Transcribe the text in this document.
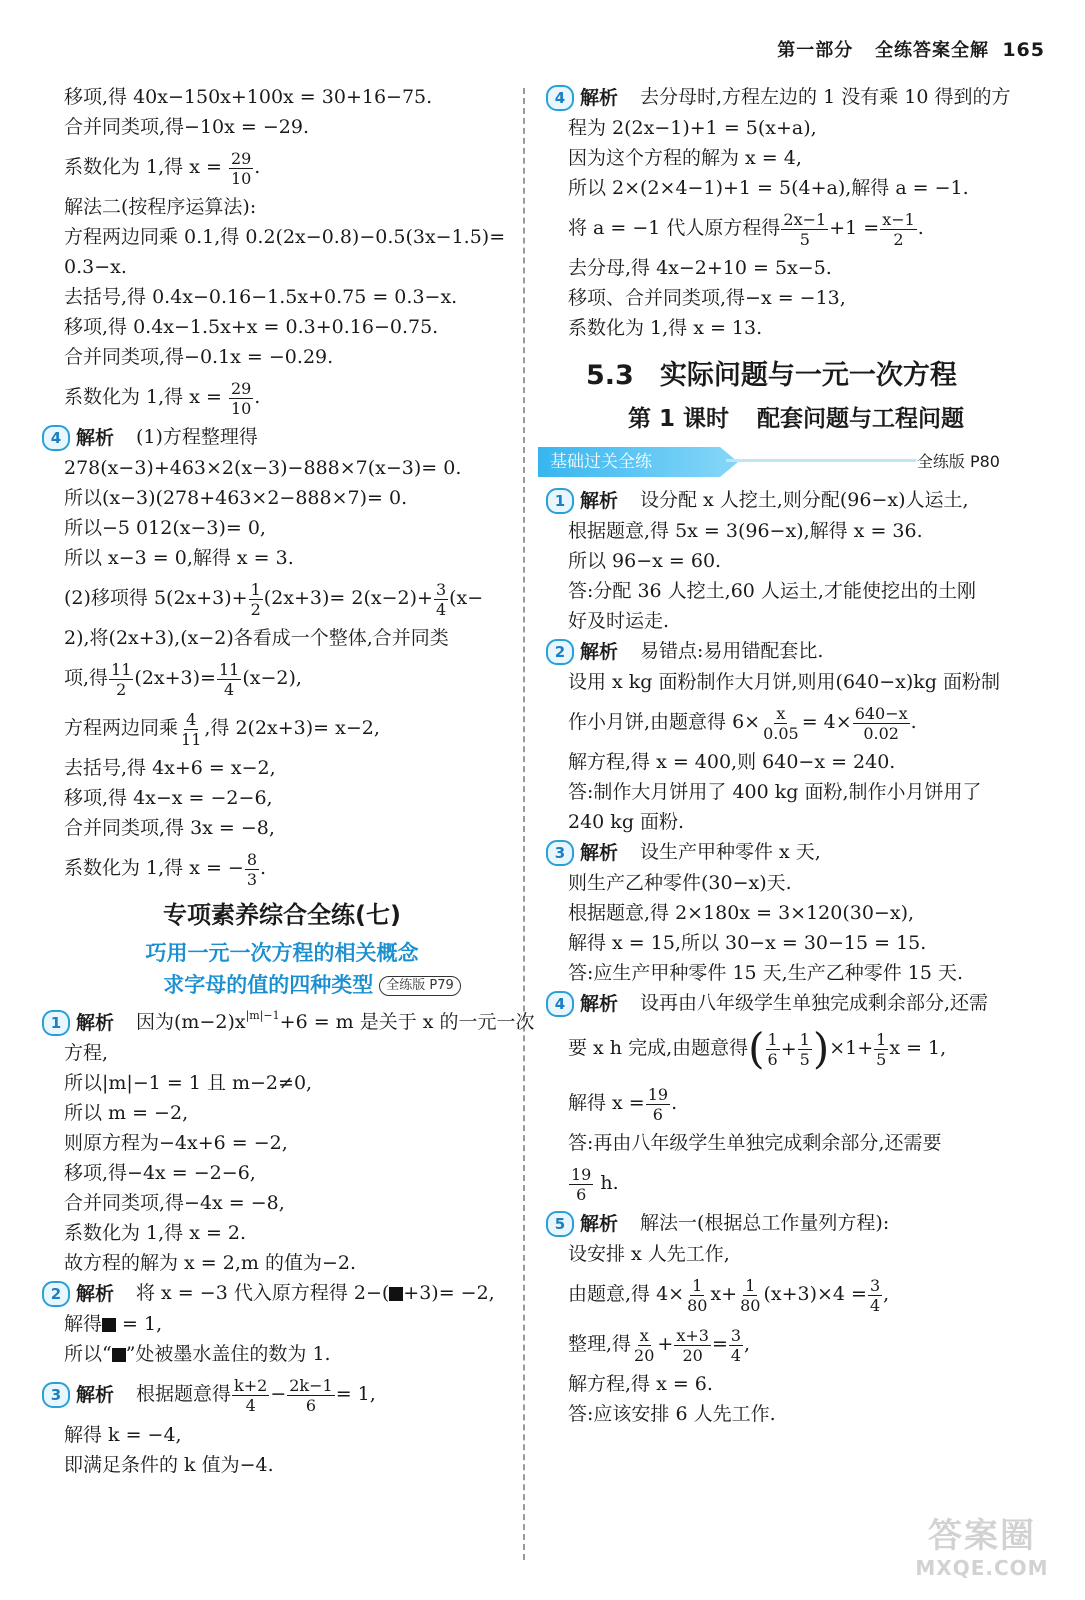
第一部分 全练答案全解 165
移项,得 40x−150x+100x = 30+16−75.
合并同类项,得−10x = −29.
系数化为 1,得 $x = \frac{29}{10}$ .
解法二(按程序运算法):
方程两边同乘 0.1,得 0.2(2x−0.8)−0.5(3x−1.5)=
0.3−x.
去括号,得 0.4x−0.16−1.5x+0.75 = 0.3−x.
移项,得 0.4x−1.5x+x = 0.3+0.16−0.75.
合并同类项,得−0.1x = −0.29.
系数化为 1,得 $x = \frac{29}{10}$ .
4 解析 (1)方程整理得
278(x−3)+463×2(x−3)−888×7(x−3)= 0.
所以(x−3)(278+463×2−888×7)= 0.
所以−5 012(x−3)= 0,
所以 x−3 = 0,解得 x = 3.
(2)移项得 $5(2x+3)+ \frac{1}{2} (2x+3)= 2(x-2)+ \frac{3}{4} (x-$
2),将(2x+3),(x−2)各看成一个整体,合并同类
项,得 $\frac{11}{2} (2x+3)= \frac{11}{4} (x-2)$,
方程两边同乘 $\frac{4}{11}$ ,得 2(2x+3)= x−2,
去括号,得 4x+6 = x−2,
移项,得 4x−x = −2−6,
合并同类项,得 3x = −8,
系数化为 1,得 x = − $\frac{8}{3}$ .
专项素养综合全练(七)
巧用一元一次方程的相关概念
求字母的值的四种类型 全练版 P79
1 解析 因为$(m-2)x^{|m|-1}+6 = m$ 是关于 x 的一元一次
方程,
所以|m|−1 = 1 且 m−2≠0,
所以 m = −2,
则原方程为−4x+6 = −2,
移项,得−4x = −2−6,
合并同类项,得−4x = −8,
系数化为 1,得 x = 2.
故方程的解为 x = 2,m 的值为−2.
2 解析 将 x = −3 代入原方程得 2−( +3)= −2,
解得 = 1,
所以“ ”处被墨水盖住的数为 1.
3 解析 根据题意得 $\frac{k+2}{4} - \frac{2k-1}{6} = 1$,
解得 k = −4,
即满足条件的 k 值为−4.
4 解析 去分母时,方程左边的 1 没有乘 10 得到的方
程为 2(2x−1)+1 = 5(x+a),
因为这个方程的解为 x = 4,
所以 2×(2×4−1)+1 = 5(4+a),解得 a = −1.
将 a = −1 代人原方程得 $\frac{2x-1}{5} +1 = \frac{x-1}{2}$ .
去分母,得 4x−2+10 = 5x−5.
移项、合并同类项,得−x = −13,
系数化为 1,得 x = 13.
5.3 实际问题与一元一次方程
第 1 课时 配套问题与工程问题
基础过关全练	全练版 P80
1 解析 设分配 x 人挖土,则分配(96−x)人运土,
根据题意,得 5x = 3(96−x),解得 x = 36.
所以 96−x = 60.
答:分配 36 人挖土,60 人运土,才能使挖出的土刚
好及时运走.
2 解析 易错点:易用错配套比.
设用 x kg 面粉制作大月饼,则用(640−x)kg 面粉制
作小月饼,由题意得 $6\times \frac{x}{0.05} = 4\times \frac{640-x}{0.02}$ .
解方程,得 x = 400,则 640−x = 240.
答:制作大月饼用了 400 kg 面粉,制作小月饼用了
240 kg 面粉.
3 解析 设生产甲种零件 x 天,
则生产乙种零件(30−x)天.
根据题意,得 2×180x = 3×120(30−x),
解得 x = 15,所以 30−x = 30−15 = 15.
答:应生产甲种零件 15 天,生产乙种零件 15 天.
4 解析 设再由八年级学生单独完成剩余部分,还需
要 x h 完成,由题意得 ( $\frac{1}{6} + \frac{1}{5}$ ) $\times 1+ \frac{1}{5}$ x = 1,
解得 $x = \frac{19}{6}$ .
答:再由八年级学生单独完成剩余部分,还需要
$\frac{19}{6} h$.
5 解析 解法一(根据总工作量列方程):
设安排 x 人先工作,
由题意,得 $4\times \frac{1}{80} x+ \frac{1}{80} (x+3)\times 4 = \frac{3}{4}$ ,
整理,得 $\frac{x}{20} + \frac{x+3}{20} = \frac{3}{4}$ ,
解方程,得 x = 6.
答:应该安排 6 人先工作.
答案圈
MXQE.COM
